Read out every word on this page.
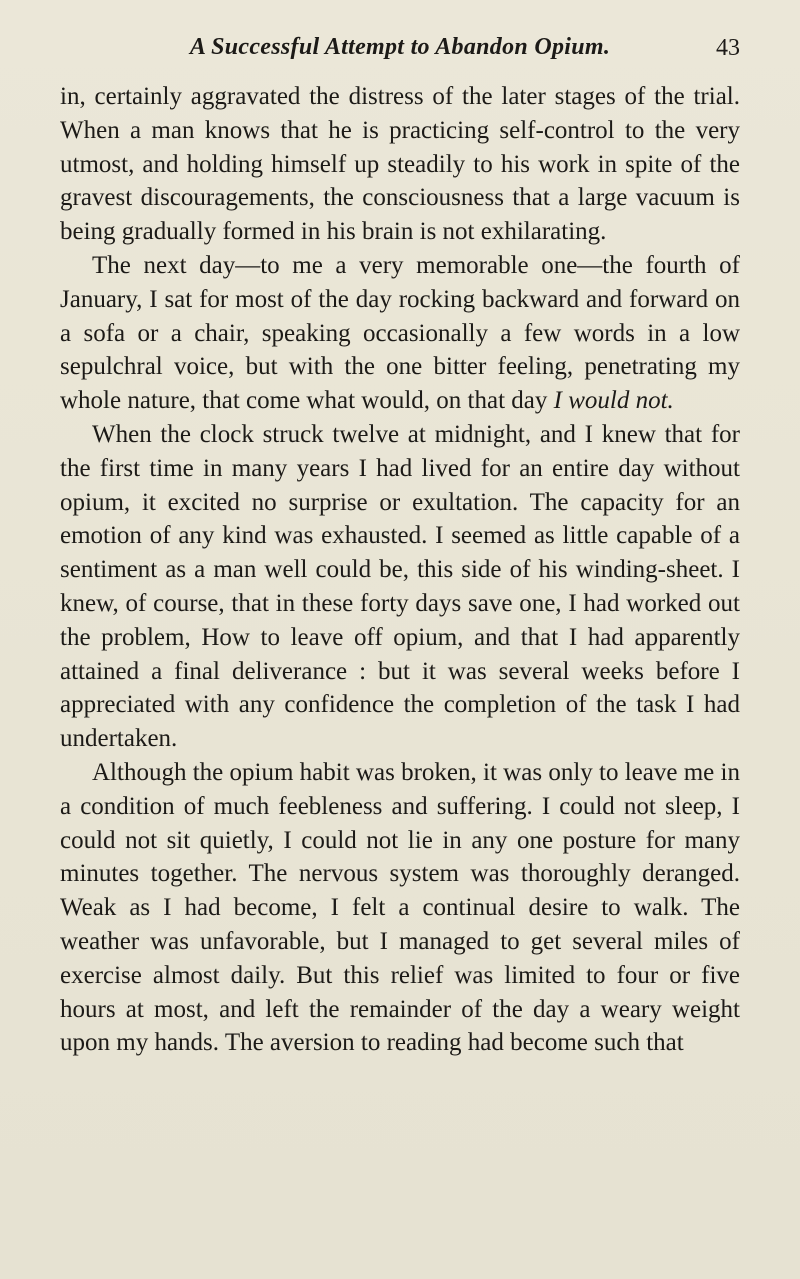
A Successful Attempt to Abandon Opium.	43

in, certainly aggravated the distress of the later stages of the trial. When a man knows that he is practicing self-control to the very utmost, and holding himself up steadily to his work in spite of the gravest discouragements, the consciousness that a large vacuum is being gradually formed in his brain is not exhilarating.

The next day—to me a very memorable one—the fourth of January, I sat for most of the day rocking backward and forward on a sofa or a chair, speaking occasionally a few words in a low sepulchral voice, but with the one bitter feeling, penetrating my whole nature, that come what would, on that day I would not.

When the clock struck twelve at midnight, and I knew that for the first time in many years I had lived for an entire day without opium, it excited no surprise or exultation. The capacity for an emotion of any kind was exhausted. I seemed as little capable of a sentiment as a man well could be, this side of his winding-sheet. I knew, of course, that in these forty days save one, I had worked out the problem, How to leave off opium, and that I had apparently attained a final deliverance : but it was several weeks before I appreciated with any confidence the completion of the task I had undertaken.

Although the opium habit was broken, it was only to leave me in a condition of much feebleness and suffering. I could not sleep, I could not sit quietly, I could not lie in any one posture for many minutes together. The nervous system was thoroughly deranged. Weak as I had become, I felt a continual desire to walk. The weather was unfavorable, but I managed to get several miles of exercise almost daily. But this relief was limited to four or five hours at most, and left the remainder of the day a weary weight upon my hands. The aversion to reading had become such that
